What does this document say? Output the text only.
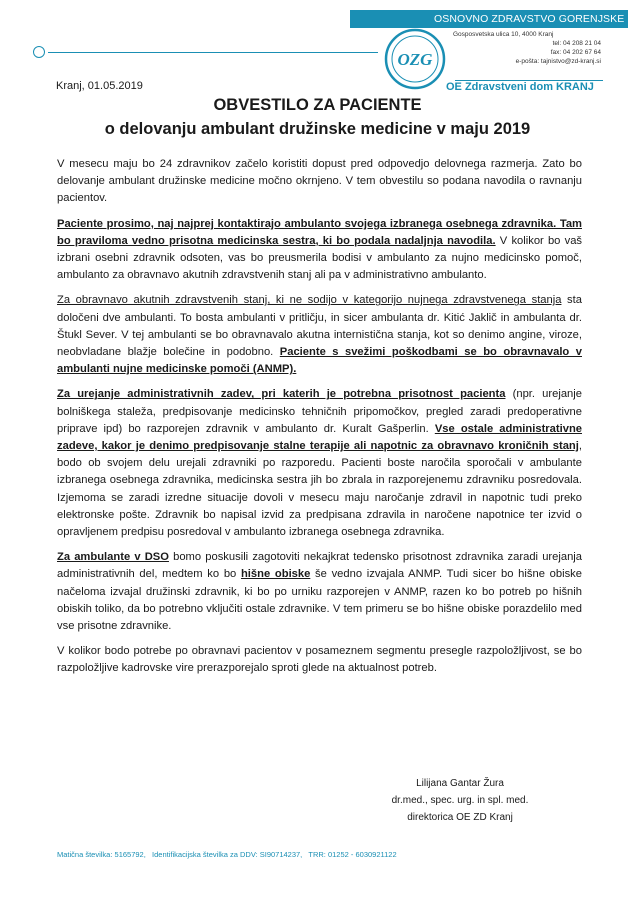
OSNOVNO ZDRAVSTVO GORENJSKE
OZG
Gosposvetska ulica 10, 4000 Kranj
tel: 04 208 21 04
fax: 04 202 67 64
e-pošta: tajnistvo@zd-kranj.si
OE Zdravstveni dom KRANJ
Kranj, 01.05.2019
OBVESTILO ZA PACIENTE
o delovanju ambulant družinske medicine v maju 2019

V mesecu maju bo 24 zdravnikov začelo koristiti dopust pred odpovedjo delovnega razmerja. Zato bo delovanje ambulant družinske medicine močno okrnjeno. V tem obvestilu so podana navodila o ravnanju pacientov.

Paciente prosimo, naj najprej kontaktirajo ambulanto svojega izbranega osebnega zdravnika. Tam bo praviloma vedno prisotna medicinska sestra, ki bo podala nadaljnja navodila. V kolikor bo vaš izbrani osebni zdravnik odsoten, vas bo preusmerila bodisi v ambulanto za nujno medicinsko pomoč, ambulanto za obravnavo akutnih zdravstvenih stanj ali pa v administrativno ambulanto.

Za obravnavo akutnih zdravstvenih stanj, ki ne sodijo v kategorijo nujnega zdravstvenega stanja sta določeni dve ambulanti. To bosta ambulanti v pritličju, in sicer ambulanta dr. Kitić Jaklič in ambulanta dr. Štukl Sever. V tej ambulanti se bo obravnavalo akutna internistična stanja, kot so denimo angine, viroze, neobvladane blažje bolečine in podobno. Paciente s svežimi poškodbami se bo obravnavalo v ambulanti nujne medicinske pomoči (ANMP).

Za urejanje administrativnih zadev, pri katerih je potrebna prisotnost pacienta (npr. urejanje bolniškega staleža, predpisovanje medicinsko tehničnih pripomočkov, pregled zaradi predoperativne priprave ipd) bo razporejen zdravnik v ambulanto dr. Kuralt Gašperlin. Vse ostale administrativne zadeve, kakor je denimo predpisovanje stalne terapije ali napotnic za obravnavo kroničnih stanj, bodo ob svojem delu urejali zdravniki po razporedu. Pacienti boste naročila sporočali v ambulante izbranega osebnega zdravnika, medicinska sestra jih bo zbrala in razporejenemu zdravniku posredovala. Izjemoma se zaradi izredne situacije dovoli v mesecu maju naročanje zdravil in napotnic tudi preko elektronske pošte. Zdravnik bo napisal izvid za predpisana zdravila in naročene napotnice ter izvid o opravljenem predpisu posredoval v ambulanto izbranega osebnega zdravnika.

Za ambulante v DSO bomo poskusili zagotoviti nekajkrat tedensko prisotnost zdravnika zaradi urejanja administrativnih del, medtem ko bo hišne obiske še vedno izvajala ANMP. Tudi sicer bo hišne obiske načeloma izvajal družinski zdravnik, ki bo po urniku razporejen v ANMP, razen ko bo potreb po hišnih obiskih toliko, da bo potrebno vključiti ostale zdravnike. V tem primeru se bo hišne obiske porazdelilo med vse prisotne zdravnike.

V kolikor bodo potrebe po obravnavi pacientov v posameznem segmentu presegle razpoložljivost, se bo razpoložljive kadrovske vire prerazporejalo sproti glede na aktualnost potreb.

Lilijana Gantar Žura
dr.med., spec. urg. in spl. med.
direktorica OE ZD Kranj
Matična številka: 5165792,   Identifikacijska številka za DDV: SI90714237,   TRR: 01252 - 6030921122
